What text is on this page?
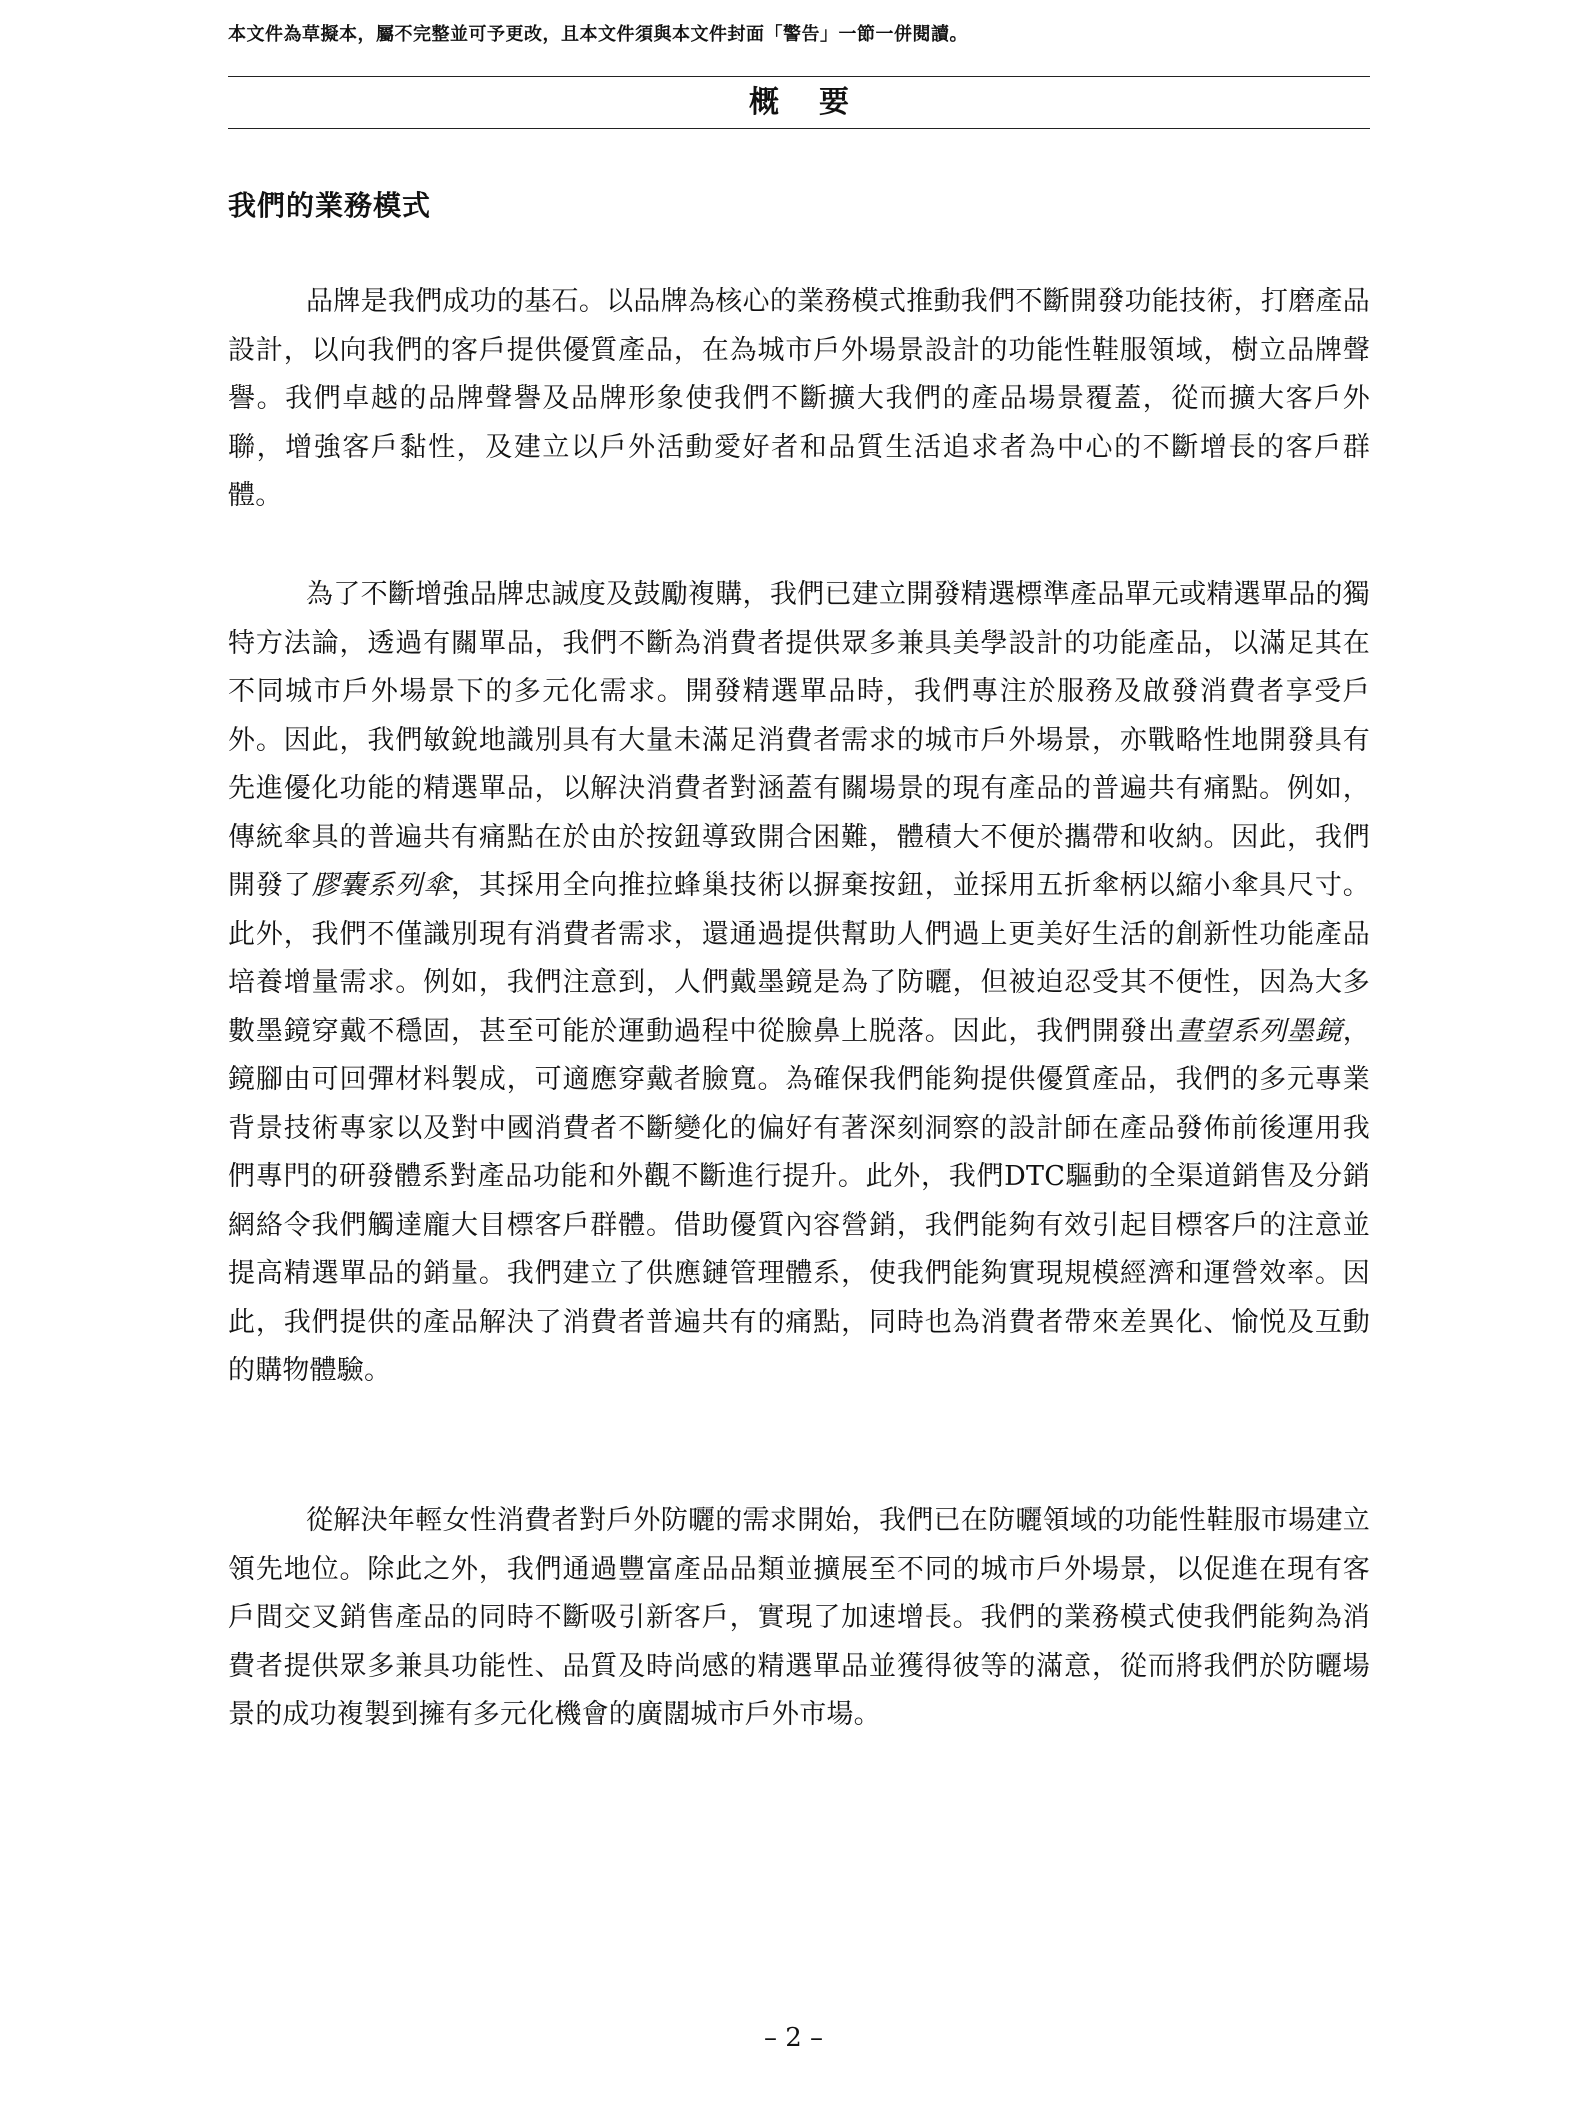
本文件為草擬本，屬不完整並可予更改，且本文件須與本文件封面「警告」一節一併閱讀。
概要
我們的業務模式

品牌是我們成功的基石。以品牌為核心的業務模式推動我們不斷開發功能技術，打磨產品設計，以向我們的客戶提供優質產品，在為城市戶外場景設計的功能性鞋服領域，樹立品牌聲譽。我們卓越的品牌聲譽及品牌形象使我們不斷擴大我們的產品場景覆蓋，從而擴大客戶外聯，增強客戶黏性，及建立以戶外活動愛好者和品質生活追求者為中心的不斷增長的客戶群體。

為了不斷增強品牌忠誠度及鼓勵複購，我們已建立開發精選標準產品單元或精選單品的獨特方法論，透過有關單品，我們不斷為消費者提供眾多兼具美學設計的功能產品，以滿足其在不同城市戶外場景下的多元化需求。開發精選單品時，我們專注於服務及啟發消費者享受戶外。因此，我們敏銳地識別具有大量未滿足消費者需求的城市戶外場景，亦戰略性地開發具有先進優化功能的精選單品，以解決消費者對涵蓋有關場景的現有產品的普遍共有痛點。例如，傳統傘具的普遍共有痛點在於由於按鈕導致開合困難，體積大不便於攜帶和收納。因此，我們開發了膠囊系列傘，其採用全向推拉蜂巢技術以摒棄按鈕，並採用五折傘柄以縮小傘具尺寸。此外，我們不僅識別現有消費者需求，還通過提供幫助人們過上更美好生活的創新性功能產品培養增量需求。例如，我們注意到，人們戴墨鏡是為了防曬，但被迫忍受其不便性，因為大多數墨鏡穿戴不穩固，甚至可能於運動過程中從臉鼻上脱落。因此，我們開發出晝望系列墨鏡，鏡腳由可回彈材料製成，可適應穿戴者臉寬。為確保我們能夠提供優質產品，我們的多元專業背景技術專家以及對中國消費者不斷變化的偏好有著深刻洞察的設計師在產品發佈前後運用我們專門的研發體系對產品功能和外觀不斷進行提升。此外，我們DTC驅動的全渠道銷售及分銷網絡令我們觸達龐大目標客戶群體。借助優質內容營銷，我們能夠有效引起目標客戶的注意並提高精選單品的銷量。我們建立了供應鏈管理體系，使我們能夠實現規模經濟和運營效率。因此，我們提供的產品解決了消費者普遍共有的痛點，同時也為消費者帶來差異化、愉悦及互動的購物體驗。

從解決年輕女性消費者對戶外防曬的需求開始，我們已在防曬領域的功能性鞋服市場建立領先地位。除此之外，我們通過豐富產品品類並擴展至不同的城市戶外場景，以促進在現有客戶間交叉銷售產品的同時不斷吸引新客戶，實現了加速增長。我們的業務模式使我們能夠為消費者提供眾多兼具功能性、品質及時尚感的精選單品並獲得彼等的滿意，從而將我們於防曬場景的成功複製到擁有多元化機會的廣闊城市戶外市場。

– 2 –
